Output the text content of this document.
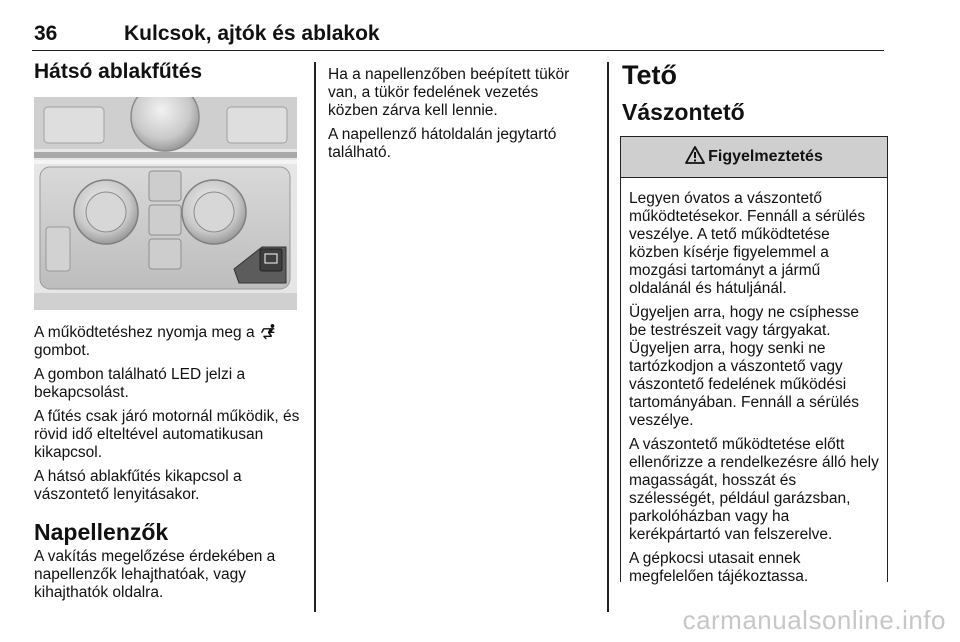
36	Kulcsok, ajtók és ablakok
Hátsó ablakfűtés

A működtetéshez nyomja meg a 🮲 gombot.

A gombon található LED jelzi a bekapcsolást.

A fűtés csak járó motornál működik, és rövid idő elteltével automatikusan kikapcsol.

A hátsó ablakfűtés kikapcsol a vászontető lenyitásakor.

Napellenzők

A vakítás megelőzése érdekében a napellenzők lehajthatóak, vagy kihajthatók oldalra.

Ha a napellenzőben beépített tükör van, a tükör fedelének vezetés közben zárva kell lennie.

A napellenző hátoldalán jegytartó található.

Tető
Vászontető
Figyelmeztetés

Legyen óvatos a vászontető működtetésekor. Fennáll a sérülés veszélye. A tető működtetése közben kísérje figyelemmel a mozgási tartományt a jármű oldalánál és hátuljánál.

Ügyeljen arra, hogy ne csíphesse be testrészeit vagy tárgyakat. Ügyeljen arra, hogy senki ne tartózkodjon a vászontető vagy vászontető fedelének működési tartományában. Fennáll a sérülés veszélye.

A vászontető működtetése előtt ellenőrizze a rendelkezésre álló hely magasságát, hosszát és szélességét, például garázsban, parkolóházban vagy ha kerékpártartó van felszerelve.

A gépkocsi utasait ennek megfelelően tájékoztassa.

carmanualsonline.info
